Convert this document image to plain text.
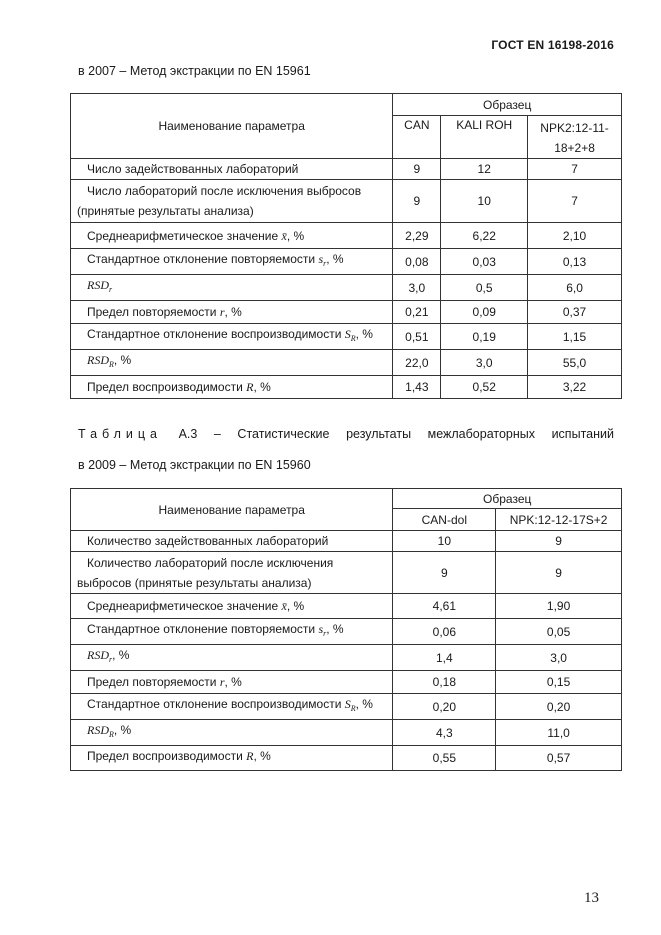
ГОСТ EN 16198-2016
в 2007 – Метод экстракции по EN 15961
Наименование параметра	Образец		
	CAN	KALI ROH	NPK2:12-11-18+2+8
Число задействованных лабораторий	9	12	7
Число лабораторий после исключения выбросов (принятые результаты анализа)	9	10	7
Среднеарифметическое значение x̄, %	2,29	6,22	2,10
Стандартное отклонение повторяемости $s_r$, %	0,08	0,03	0,13
$RSD_r$	3,0	0,5	6,0
Предел повторяемости r, %	0,21	0,09	0,37
Стандартное отклонение воспроизводимости $S_R$, %	0,51	0,19	1,15
$RSD_R$, %	22,0	3,0	55,0
Предел воспроизводимости R, %	1,43	0,52	3,22
Таблица А.3 – Статистические результаты межлабораторных испытаний
в 2009 – Метод экстракции по EN 15960
Наименование параметра	Образец	
	CAN-dol	NPK:12-12-17S+2
Количество задействованных лабораторий	10	9
Количество лабораторий после исключения выбросов (принятые результаты анализа)	9	9
Среднеарифметическое значение x̄, %	4,61	1,90
Стандартное отклонение повторяемости $s_r$, %	0,06	0,05
$RSD_r$, %	1,4	3,0
Предел повторяемости r, %	0,18	0,15
Стандартное отклонение воспроизводимости $S_R$, %	0,20	0,20
$RSD_R$, %	4,3	11,0
Предел воспроизводимости R, %	0,55	0,57
13
